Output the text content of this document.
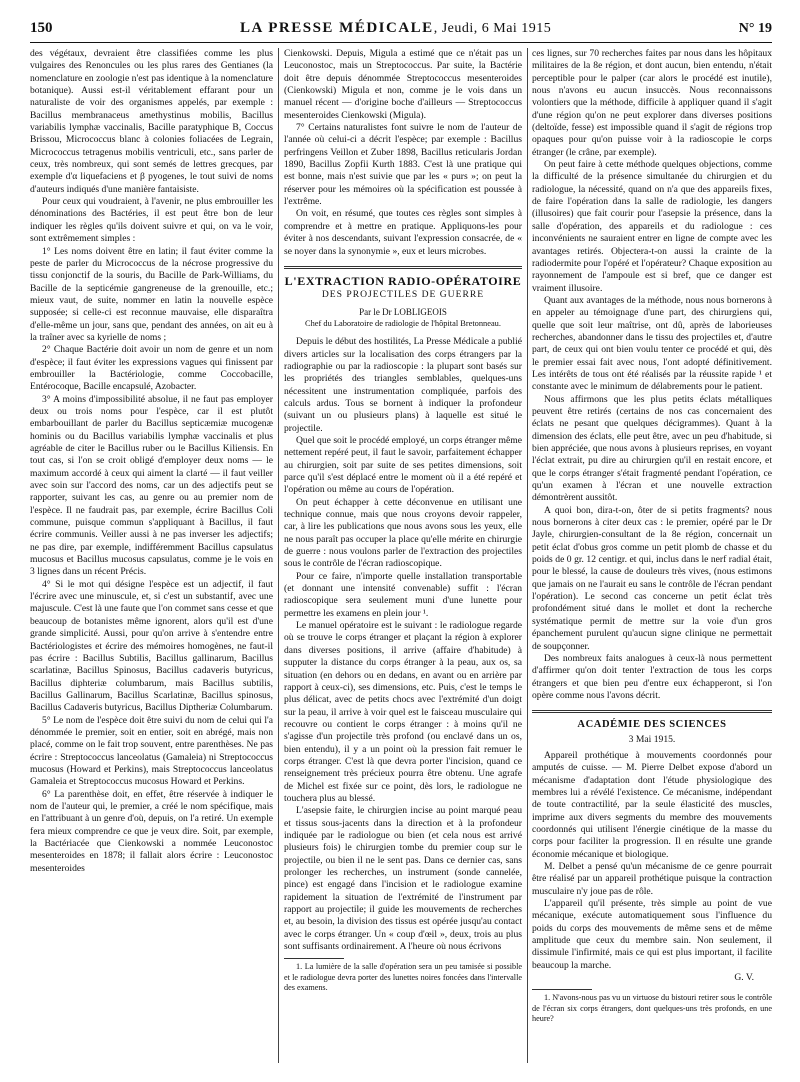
150	LA PRESSE MÉDICALE, Jeudi, 6 Mai 1915	N° 19

des végétaux, devraient être classifiées comme les plus vulgaires des Renoncules ou les plus rares des Gentianes (la nomenclature en zoologie n'est pas identique à la nomenclature botanique). Aussi est-il véritablement effarant pour un naturaliste de voir des organismes appelés, par exemple : Bacillus membranaceus amethystinus mobilis, Bacillus variabilis lymphæ vaccinalis, Bacille paratyphique B, Coccus Brissou, Micrococcus blanc à colonies foliacées de Legrain, Micrococcus tetragenus mobilis ventriculi, etc., sans parler de ceux, très nombreux, qui sont semés de lettres grecques, par exemple d'α liquefaciens et β pyogenes, le tout suivi de noms d'auteurs indiqués d'une manière fantaisiste.

Pour ceux qui voudraient, à l'avenir, ne plus embrouiller les dénominations des Bactéries, il est peut être bon de leur indiquer les règles qu'ils doivent suivre et qui, on va le voir, sont extrêmement simples :

1° Les noms doivent être en latin; il faut éviter comme la peste de parler du Micrococcus de la nécrose progressive du tissu conjonctif de la souris, du Bacille de Park-Williams, du Bacille de la septicémie gangreneuse de la grenouille, etc.; mieux vaut, de suite, nommer en latin la nouvelle espèce supposée; si celle-ci est reconnue mauvaise, elle disparaîtra d'elle-même un jour, sans que, pendant des années, on ait eu à la traîner avec sa kyrielle de noms ;

2° Chaque Bactérie doit avoir un nom de genre et un nom d'espèce; il faut éviter les expressions vagues qui finissent par embrouiller la Bactériologie, comme Coccobacille, Entérocoque, Bacille encapsulé, Azobacter.

3° A moins d'impossibilité absolue, il ne faut pas employer deux ou trois noms pour l'espèce, car il est plutôt embarbouillant de parler du Bacillus septicæmiæ mucogenæ hominis ou du Bacillus variabilis lymphæ vaccinalis et plus agréable de citer le Bacillus ruber ou le Bacillus Kiliensis. En tout cas, si l'on se croit obligé d'employer deux noms — le maximum accordé à ceux qui aiment la clarté — il faut veiller avec soin sur l'accord des noms, car un des adjectifs peut se rapporter, suivant les cas, au genre ou au premier nom de l'espèce. Il ne faudrait pas, par exemple, écrire Bacillus Coli commune, puisque commun s'appliquant à Bacillus, il faut écrire communis. Veiller aussi à ne pas inverser les adjectifs; ne pas dire, par exemple, indifféremment Bacillus capsulatus mucosus et Bacillus mucosus capsulatus, comme je le vois en 3 lignes dans un récent Précis.

4° Si le mot qui désigne l'espèce est un adjectif, il faut l'écrire avec une minuscule, et, si c'est un substantif, avec une majuscule. C'est là une faute que l'on commet sans cesse et que beaucoup de botanistes même ignorent, alors qu'il est d'une grande simplicité. Aussi, pour qu'on arrive à s'entendre entre Bactériologistes et écrire des mémoires homogènes, ne faut-il pas écrire : Bacillus Subtilis, Bacillus gallinarum, Bacillus scarlatinæ, Bacillus Spinosus, Bacillus cadaveris butyricus, Bacillus diphteriæ columbarum, mais Bacillus subtilis, Bacillus Gallinarum, Bacillus Scarlatinæ, Bacillus spinosus, Bacillus Cadaveris butyricus, Bacillus Diptheriæ Columbarum.

5° Le nom de l'espèce doit être suivi du nom de celui qui l'a dénommée le premier, soit en entier, soit en abrégé, mais non placé, comme on le fait trop souvent, entre parenthèses. Ne pas écrire : Streptococcus lanceolatus (Gamaleia) ni Streptococcus mucosus (Howard et Perkins), mais Streptococcus lanceolatus Gamaleia et Streptococcus mucosus Howard et Perkins.

6° La parenthèse doit, en effet, être réservée à indiquer le nom de l'auteur qui, le premier, a créé le nom spécifique, mais en l'attribuant à un genre d'où, depuis, on l'a retiré. Un exemple fera mieux comprendre ce que je veux dire. Soit, par exemple, la Bactériacée que Cienkowski a nommée Leuconostoc mesenteroides en 1878; il fallait alors écrire : Leuconostoc mesenteroides

Cienkowski. Depuis, Migula a estimé que ce n'était pas un Leuconostoc, mais un Streptococcus. Par suite, la Bactérie doit être depuis dénommée Streptococcus mesenteroides (Cienkowski) Migula et non, comme je le vois dans un manuel récent — d'origine boche d'ailleurs — Streptococcus mesenteroides Cienkowski (Migula).

7° Certains naturalistes font suivre le nom de l'auteur de l'année où celui-ci a décrit l'espèce; par exemple : Bacillus perfringens Veillon et Zuber 1898, Bacillus reticularis Jordan 1890, Bacillus Zopfii Kurth 1883. C'est là une pratique qui est bonne, mais n'est suivie que par les « purs »; on peut la réserver pour les mémoires où la spécification est poussée à l'extrême.

On voit, en résumé, que toutes ces règles sont simples à comprendre et à mettre en pratique. Appliquons-les pour éviter à nos descendants, suivant l'expression consacrée, de « se noyer dans la synonymie », eux et leurs microbes.

L'EXTRACTION RADIO-OPÉRATOIRE
DES PROJECTILES DE GUERRE
Par le Dr LOBLIGEOIS
Chef du Laboratoire de radiologie de l'hôpital Bretonneau.

Depuis le début des hostilités, La Presse Médicale a publié divers articles sur la localisation des corps étrangers par la radiographie ou par la radioscopie : la plupart sont basés sur les propriétés des triangles semblables, quelques-uns nécessitent une instrumentation compliquée, parfois des calculs ardus. Tous se bornent à indiquer la profondeur (suivant un ou plusieurs plans) à laquelle est situé le projectile.

Quel que soit le procédé employé, un corps étranger même nettement repéré peut, il faut le savoir, parfaitement échapper au chirurgien, soit par suite de ses petites dimensions, soit parce qu'il s'est déplacé entre le moment où il a été repéré et l'opération ou même au cours de l'opération.

On peut échapper à cette déconvenue en utilisant une technique connue, mais que nous croyons devoir rappeler, car, à lire les publications que nous avons sous les yeux, elle ne nous paraît pas occuper la place qu'elle mérite en chirurgie de guerre : nous voulons parler de l'extraction des projectiles sous le contrôle de l'écran radioscopique.

Pour ce faire, n'importe quelle installation transportable (et donnant une intensité convenable) suffit : l'écran radioscopique sera seulement muni d'une lunette pour permettre les examens en plein jour ¹.

Le manuel opératoire est le suivant : le radiologue regarde où se trouve le corps étranger et plaçant la région à explorer dans diverses positions, il arrive (affaire d'habitude) à supputer la distance du corps étranger à la peau, aux os, sa situation (en dehors ou en dedans, en avant ou en arrière par rapport à ceux-ci), ses dimensions, etc. Puis, c'est le temps le plus délicat, avec de petits chocs avec l'extrémité d'un doigt sur la peau, il arrive à voir quel est le faisceau musculaire qui recouvre ou contient le corps étranger : à moins qu'il ne s'agisse d'un projectile très profond (ou enclavé dans un os, bien entendu), il y a un point où la pression fait remuer le corps étranger. C'est là que devra porter l'incision, quand ce renseignement très précieux pourra être obtenu. Une agrafe de Michel est fixée sur ce point, dès lors, le radiologue ne touchera plus au blessé.

L'asepsie faite, le chirurgien incise au point marqué peau et tissus sous-jacents dans la direction et à la profondeur indiquée par le radiologue ou bien (et cela nous est arrivé plusieurs fois) le chirurgien tombe du premier coup sur le projectile, ou bien il ne le sent pas. Dans ce dernier cas, sans prolonger les recherches, un instrument (sonde cannelée, pince) est engagé dans l'incision et le radiologue examine rapidement la situation de l'extrémité de l'instrument par rapport au projectile; il guide les mouvements de recherches et, au besoin, la division des tissus est opérée jusqu'au contact avec le corps étranger. Un « coup d'œil », deux, trois au plus sont suffisants ordinairement. A l'heure où nous écrivons

1. La lumière de la salle d'opération sera un peu tamisée si possible et le radiologue devra porter des lunettes noires foncées dans l'intervalle des examens.

ces lignes, sur 70 recherches faites par nous dans les hôpitaux militaires de la 8e région, et dont aucun, bien entendu, n'était perceptible pour le palper (car alors le procédé est inutile), nous n'avons eu aucun insuccès. Nous reconnaissons volontiers que la méthode, difficile à appliquer quand il s'agit d'une région qu'on ne peut explorer dans diverses positions (deltoïde, fesse) est impossible quand il s'agit de régions trop opaques pour qu'on puisse voir à la radioscopie le corps étranger (le crâne, par exemple).

On peut faire à cette méthode quelques objections, comme la difficulté de la présence simultanée du chirurgien et du radiologue, la nécessité, quand on n'a que des appareils fixes, de faire l'opération dans la salle de radiologie, les dangers (illusoires) que fait courir pour l'asepsie la présence, dans la salle d'opération, des appareils et du radiologue : ces inconvénients ne sauraient entrer en ligne de compte avec les avantages retirés. Objectera-t-on aussi la crainte de la radiodermite pour l'opéré et l'opérateur? Chaque exposition au rayonnement de l'ampoule est si bref, que ce danger est vraiment illusoire.

Quant aux avantages de la méthode, nous nous bornerons à en appeler au témoignage d'une part, des chirurgiens qui, quelle que soit leur maîtrise, ont dû, après de laborieuses recherches, abandonner dans le tissu des projectiles et, d'autre part, de ceux qui ont bien voulu tenter ce procédé et qui, dès le premier essai fait avec nous, l'ont adopté définitivement. Les intérêts de tous ont été réalisés par la réussite rapide ¹ et constante avec le minimum de délabrements pour le patient.

Nous affirmons que les plus petits éclats métalliques peuvent être retirés (certains de nos cas concernaient des éclats ne pesant que quelques décigrammes). Quant à la dimension des éclats, elle peut être, avec un peu d'habitude, si bien appréciée, que nous avons à plusieurs reprises, en voyant l'éclat extrait, pu dire au chirurgien qu'il en restait encore, et que le corps étranger s'était fragmenté pendant l'opération, ce qu'un examen à l'écran et une nouvelle extraction démontrèrent aussitôt.

A quoi bon, dira-t-on, ôter de si petits fragments? nous nous bornerons à citer deux cas : le premier, opéré par le Dr Jayle, chirurgien-consultant de la 8e région, concernait un petit éclat d'obus gros comme un petit plomb de chasse et du poids de 0 gr. 12 centigr. et qui, inclus dans le nerf radial était, pour le blessé, la cause de douleurs très vives, (nous estimons que jamais on ne l'aurait eu sans le contrôle de l'écran pendant l'opération). Le second cas concerne un petit éclat très profondément situé dans le mollet et dont la recherche systématique permit de mettre sur la voie d'un gros épanchement purulent qu'aucun signe clinique ne permettait de soupçonner.

Des nombreux faits analogues à ceux-là nous permettent d'affirmer qu'on doit tenter l'extraction de tous les corps étrangers et que bien peu d'entre eux échapperont, si l'on opère comme nous l'avons décrit.

ACADÉMIE DES SCIENCES
3 Mai 1915.

Appareil prothétique à mouvements coordonnés pour amputés de cuisse. — M. Pierre Delbet expose d'abord un mécanisme d'adaptation dont l'étude physiologique des membres lui a révélé l'existence. Ce mécanisme, indépendant de toute contractilité, par la seule élasticité des muscles, imprime aux divers segments du membre des mouvements coordonnés qui utilisent l'énergie cinétique de la masse du corps pour faciliter la progression. Il en résulte une grande économie mécanique et biologique.

M. Delbet a pensé qu'un mécanisme de ce genre pourrait être réalisé par un appareil prothétique puisque la contraction musculaire n'y joue pas de rôle.

L'appareil qu'il présente, très simple au point de vue mécanique, exécute automatiquement sous l'influence du poids du corps des mouvements de même sens et de même amplitude que ceux du membre sain. Non seulement, il dissimule l'infirmité, mais ce qui est plus important, il facilite beaucoup la marche.

G. V.

1. N'avons-nous pas vu un virtuose du bistouri retirer sous le contrôle de l'écran six corps étrangers, dont quelques-uns très profonds, en une heure?
